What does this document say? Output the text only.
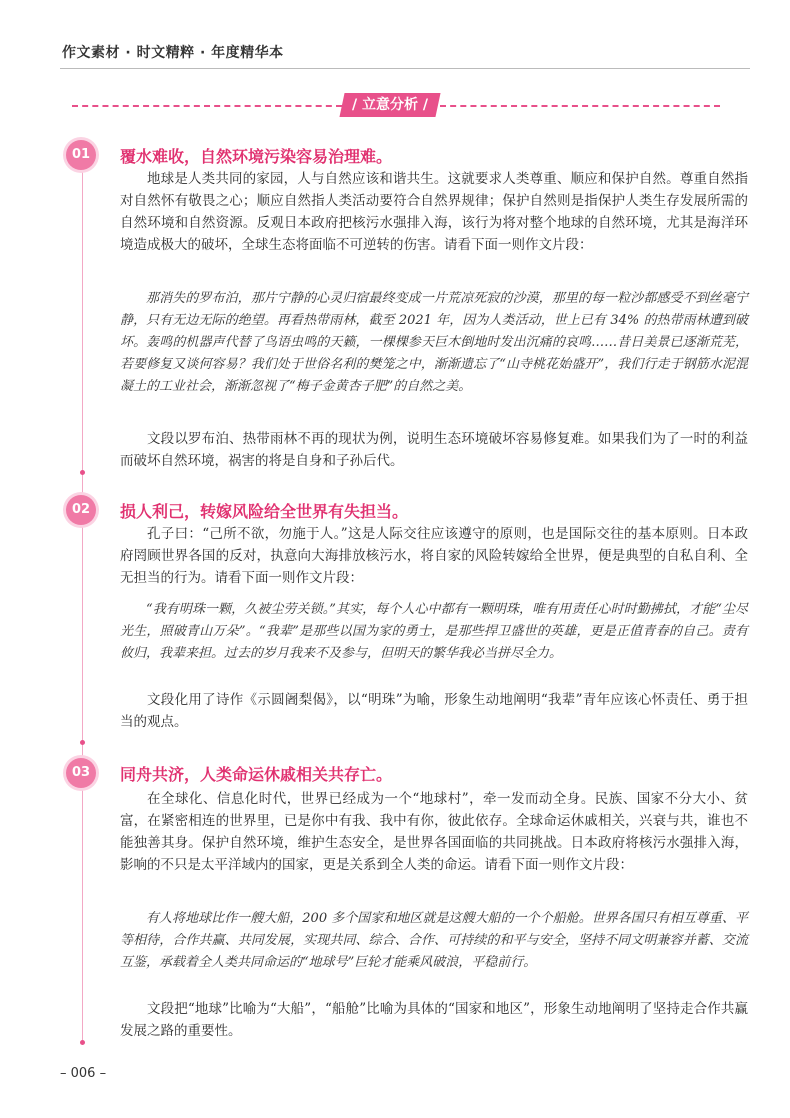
作文素材 · 时文精粹 · 年度精华本
/ 立意分析 /
01	覆水难收，自然环境污染容易治理难。

地球是人类共同的家园，人与自然应该和谐共生。这就要求人类尊重、顺应和保护自然。尊重自然指对自然怀有敬畏之心；顺应自然指人类活动要符合自然界规律；保护自然则是指保护人类生存发展所需的自然环境和自然资源。反观日本政府把核污水强排入海，该行为将对整个地球的自然环境，尤其是海洋环境造成极大的破坏，全球生态将面临不可逆转的伤害。请看下面一则作文片段：

那消失的罗布泊，那片宁静的心灵归宿最终变成一片荒凉死寂的沙漠，那里的每一粒沙都感受不到丝毫宁静，只有无边无际的绝望。再看热带雨林，截至 2021 年，因为人类活动，世上已有 34% 的热带雨林遭到破坏。轰鸣的机器声代替了鸟语虫鸣的天籁，一棵棵参天巨木倒地时发出沉痛的哀鸣……昔日美景已逐渐荒芜，若要修复又谈何容易？我们处于世俗名利的樊笼之中，渐渐遗忘了“山寺桃花始盛开”，我们行走于钢筋水泥混凝土的工业社会，渐渐忽视了“梅子金黄杏子肥”的自然之美。

文段以罗布泊、热带雨林不再的现状为例，说明生态环境破坏容易修复难。如果我们为了一时的利益而破坏自然环境，祸害的将是自身和子孙后代。

02	损人利己，转嫁风险给全世界有失担当。

孔子曰：“己所不欲，勿施于人。”这是人际交往应该遵守的原则，也是国际交往的基本原则。日本政府罔顾世界各国的反对，执意向大海排放核污水，将自家的风险转嫁给全世界，便是典型的自私自利、全无担当的行为。请看下面一则作文片段：

“我有明珠一颗，久被尘劳关锁。”其实，每个人心中都有一颗明珠，唯有用责任心时时勤拂拭，才能“尘尽光生，照破青山万朵”。“我辈”是那些以国为家的勇士，是那些捍卫盛世的英雄，更是正值青春的自己。责有攸归，我辈来担。过去的岁月我来不及参与，但明天的繁华我必当拼尽全力。

文段化用了诗作《示圆阇梨偈》，以“明珠”为喻，形象生动地阐明“我辈”青年应该心怀责任、勇于担当的观点。

03	同舟共济，人类命运休戚相关共存亡。

在全球化、信息化时代，世界已经成为一个“地球村”，牵一发而动全身。民族、国家不分大小、贫富，在紧密相连的世界里，已是你中有我、我中有你，彼此依存。全球命运休戚相关，兴衰与共，谁也不能独善其身。保护自然环境，维护生态安全，是世界各国面临的共同挑战。日本政府将核污水强排入海，影响的不只是太平洋域内的国家，更是关系到全人类的命运。请看下面一则作文片段：

有人将地球比作一艘大船，200 多个国家和地区就是这艘大船的一个个船舱。世界各国只有相互尊重、平等相待，合作共赢、共同发展，实现共同、综合、合作、可持续的和平与安全，坚持不同文明兼容并蓄、交流互鉴，承载着全人类共同命运的“地球号”巨轮才能乘风破浪，平稳前行。

文段把“地球”比喻为“大船”，“船舱”比喻为具体的“国家和地区”，形象生动地阐明了坚持走合作共赢发展之路的重要性。

– 006 –
